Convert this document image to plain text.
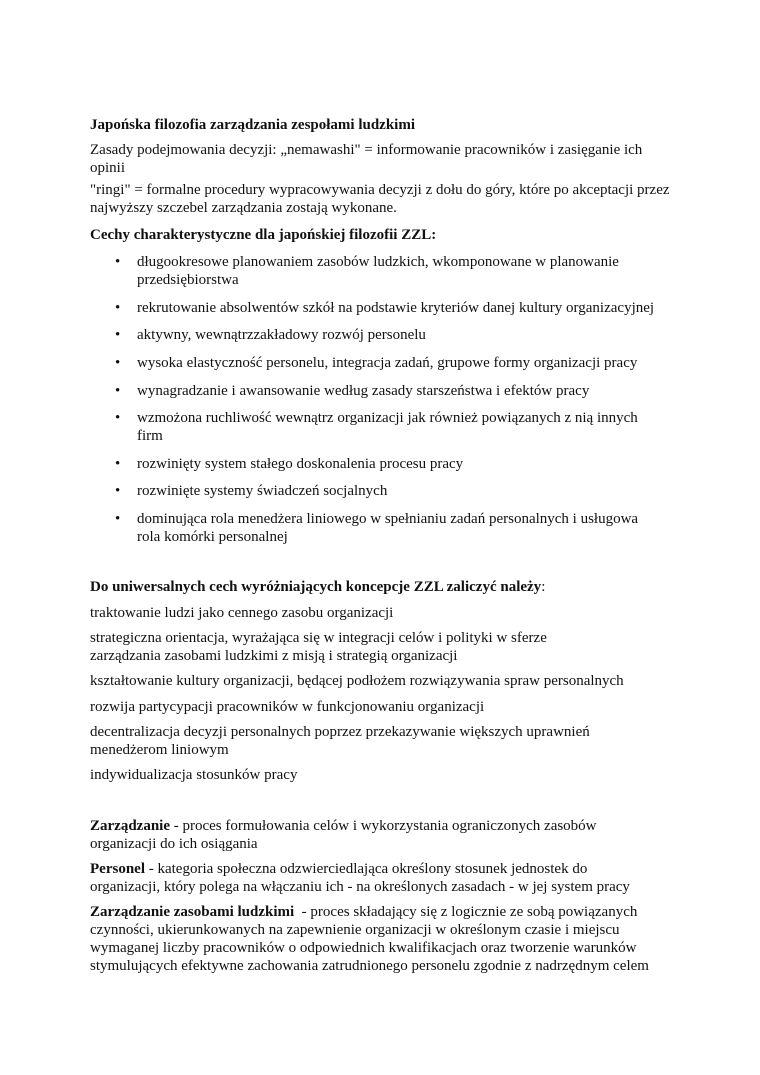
Japońska filozofia zarządzania zespołami ludzkimi
Zasady podejmowania decyzji: „nemawashi" = informowanie pracowników i zasięganie ich opinii
"ringi" = formalne procedury wypracowywania decyzji z dołu do góry, które po akceptacji przez najwyższy szczebel zarządzania zostają wykonane.
Cechy charakterystyczne dla japońskiej filozofii ZZL:
• długookresowe planowaniem zasobów ludzkich, wkomponowane w planowanie przedsiębiorstwa
• rekrutowanie absolwentów szkół na podstawie kryteriów danej kultury organizacyjnej
• aktywny, wewnątrzzakładowy rozwój personelu
• wysoka elastyczność personelu, integracja zadań, grupowe formy organizacji pracy
• wynagradzanie i awansowanie według zasady starszeństwa i efektów pracy
• wzmożona ruchliwość wewnątrz organizacji jak również powiązanych z nią innych firm
• rozwinięty system stałego doskonalenia procesu pracy
• rozwinięte systemy świadczeń socjalnych
• dominująca rola menedżera liniowego w spełnianiu zadań personalnych i usługowa rola komórki personalnej
Do uniwersalnych cech wyróżniających koncepcje ZZL zaliczyć należy:
traktowanie ludzi jako cennego zasobu organizacji
strategiczna orientacja, wyrażająca się w integracji celów i polityki w sferze zarządzania zasobami ludzkimi z misją i strategią organizacji
kształtowanie kultury organizacji, będącej podłożem rozwiązywania spraw personalnych
rozwija partycypacji pracowników w funkcjonowaniu organizacji
decentralizacja decyzji personalnych poprzez przekazywanie większych uprawnień menedżerom liniowym
indywidualizacja stosunków pracy
Zarządzanie - proces formułowania celów i wykorzystania ograniczonych zasobów organizacji do ich osiągania
Personel - kategoria społeczna odzwierciedlająca określony stosunek jednostek do organizacji, który polega na włączaniu ich - na określonych zasadach - w jej system pracy
Zarządzanie zasobami ludzkimi  - proces składający się z logicznie ze sobą powiązanych czynności, ukierunkowanych na zapewnienie organizacji w określonym czasie i miejscu wymaganej liczby pracowników o odpowiednich kwalifikacjach oraz tworzenie warunków stymulujących efektywne zachowania zatrudnionego personelu zgodnie z nadrzędnym celem
